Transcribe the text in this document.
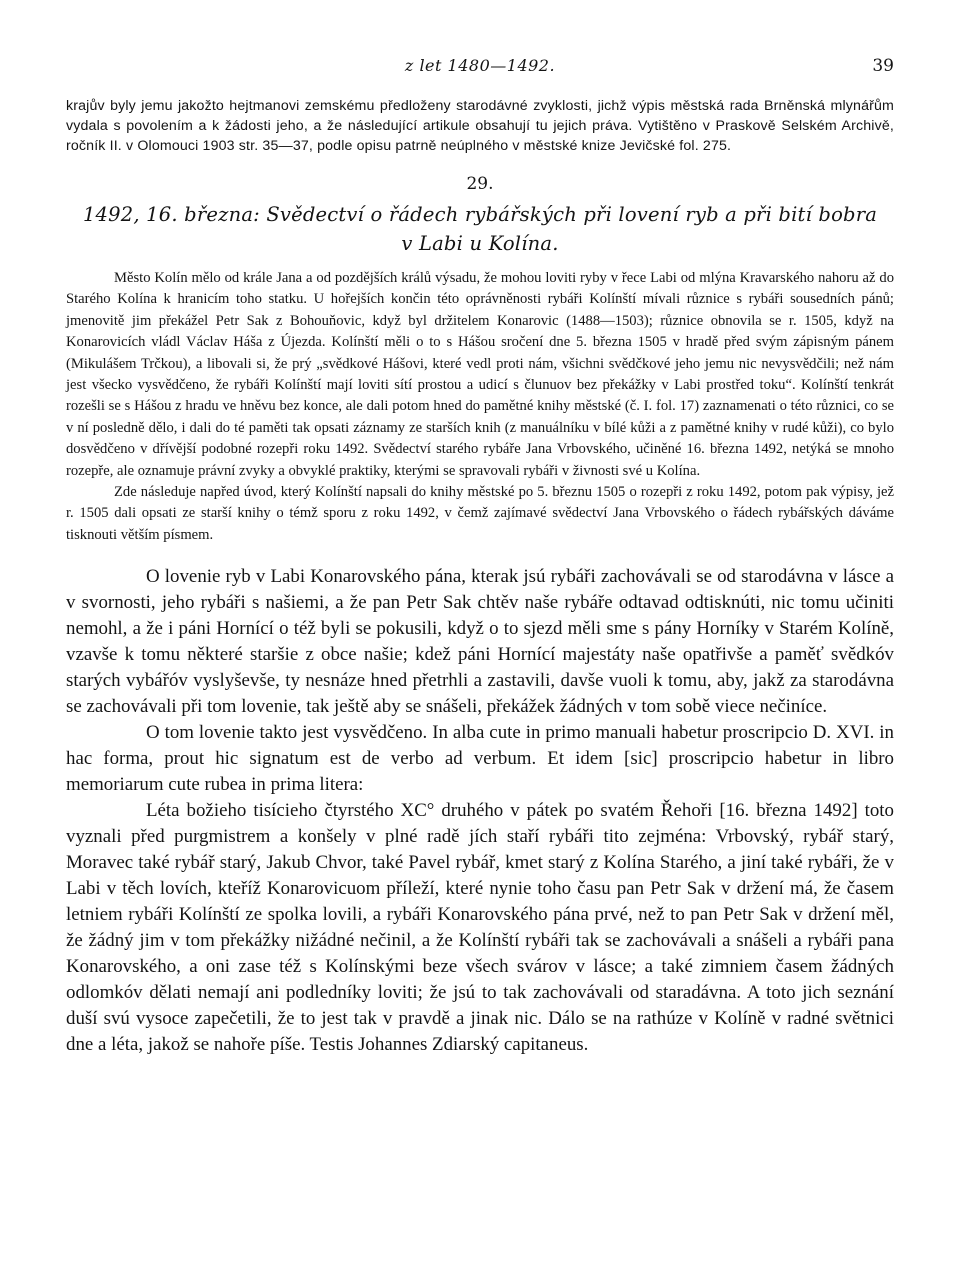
z let 1480—1492.	39
krajův byly jemu jakožto hejtmanovi zemskému předloženy starodávné zvyklosti, jichž výpis městská rada Brněnská mlynářům vydala s povolením a k žádosti jeho, a že následující artikule obsahují tu jejich práva. Vytištěno v Praskově Selském Archivě, ročník II. v Olomouci 1903 str. 35—37, podle opisu patrně neúplného v městské knize Jevičské fol. 275.
29.
1492, 16. března: Svědectví o řádech rybářských při lovení ryb a při bití bobra
v Labi u Kolína.

Město Kolín mělo od krále Jana a od pozdějších králů výsadu, že mohou loviti ryby v řece Labi od mlýna Kravarského nahoru až do Starého Kolína k hranicím toho statku. U hořejších končin této oprávněnosti rybáři Kolínští mívali různice s rybáři sousedních pánů; jmenovitě jim překážel Petr Sak z Bohouňovic, když byl držitelem Konarovic (1488—1503); různice obnovila se r. 1505, když na Konarovicích vládl Václav Háša z Újezda. Kolínští měli o to s Hášou sročení dne 5. března 1505 v hradě před svým zápisným pánem (Mikulášem Trčkou), a libovali si, že prý „svědkové Hášovi, které vedl proti nám, všichni svědčkové jeho jemu nic nevysvědčili; než nám jest všecko vysvědčeno, že rybáři Kolínští mají loviti sítí prostou a udicí s člunuov bez překážky v Labi prostřed toku“. Kolínští tenkrát rozešli se s Hášou z hradu ve hněvu bez konce, ale dali potom hned do pamětné knihy městské (č. I. fol. 17) zaznamenati o této různici, co se v ní posledně dělo, i dali do té paměti tak opsati záznamy ze starších knih (z manuálníku v bílé kůži a z pamětné knihy v rudé kůži), co bylo dosvědčeno v dřívější podobné rozepři roku 1492. Svědectví starého rybáře Jana Vrbovského, učiněné 16. března 1492, netýká se mnoho rozepře, ale oznamuje právní zvyky a obvyklé praktiky, kterými se spravovali rybáři v živnosti své u Kolína.

Zde následuje napřed úvod, který Kolínští napsali do knihy městské po 5. březnu 1505 o rozepři z roku 1492, potom pak výpisy, jež r. 1505 dali opsati ze starší knihy o témž sporu z roku 1492, v čemž zajímavé svědectví Jana Vrbovského o řádech rybářských dáváme tisknouti větším písmem.

O lovenie ryb v Labi Konarovského pána, kterak jsú rybáři zachovávali se od starodávna v lásce a v svornosti, jeho rybáři s našiemi, a že pan Petr Sak chtěv naše rybáře odtavad odtisknúti, nic tomu učiniti nemohl, a že i páni Hornící o též byli se pokusili, když o to sjezd měli sme s pány Horníky v Starém Kolíně, vzavše k tomu některé staršie z obce našie; kdež páni Hornící majestáty naše opatřivše a paměť svědkóv starých vybářóv vyslyševše, ty nesnáze hned přetrhli a zastavili, davše vuoli k tomu, aby, jakž za starodávna se zachovávali při tom lovenie, tak ještě aby se snášeli, překážek žádných v tom sobě viece nečiníce.

O tom lovenie takto jest vysvědčeno. In alba cute in primo manuali habetur proscripcio D. XVI. in hac forma, prout hic signatum est de verbo ad verbum. Et idem [sic] proscripcio habetur in libro memoriarum cute rubea in prima litera:

Léta božieho tisícieho čtyrstého XC° druhého v pátek po svatém Řehoři [16. března 1492] toto vyznali před purgmistrem a konšely v plné radě jích staří rybáři tito zejména: Vrbovský, rybář starý, Moravec také rybář starý, Jakub Chvor, také Pavel rybář, kmet starý z Kolína Starého, a jiní také rybáři, že v Labi v těch lovích, kteříž Konarovicuom příleží, které nynie toho času pan Petr Sak v držení má, že časem letniem rybáři Kolínští ze spolka lovili, a rybáři Konarovského pána prvé, než to pan Petr Sak v držení měl, že žádný jim v tom překážky nižádné nečinil, a že Kolínští rybáři tak se zachovávali a snášeli a rybáři pana Konarovského, a oni zase též s Kolínskými beze všech svárov v lásce; a také zimniem časem žádných odlomkóv dělati nemají ani podledníky loviti; že jsú to tak zachovávali od staradávna. A toto jich seznání duší svú vysoce zapečetili, že to jest tak v pravdě a jinak nic. Dálo se na rathúze v Kolíně v radné světnici dne a léta, jakož se nahoře píše. Testis Johannes Zdiarský capitaneus.
